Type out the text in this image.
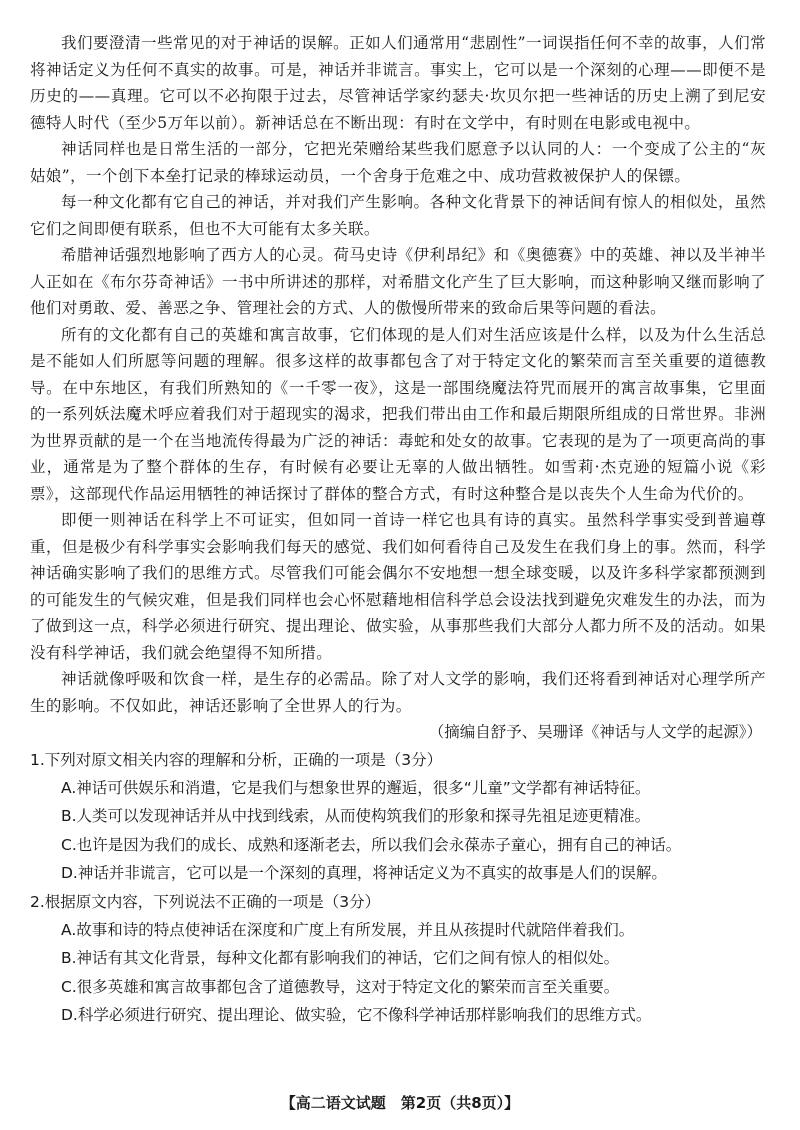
我们要澄清一些常见的对于神话的误解。正如人们通常用“悲剧性”一词误指任何不幸的故事，人们常将神话定义为任何不真实的故事。可是，神话并非谎言。事实上，它可以是一个深刻的心理——即便不是历史的——真理。它可以不必拘限于过去，尽管神话学家约瑟夫·坎贝尔把一些神话的历史上溯了到尼安德特人时代（至少5万年以前）。新神话总在不断出现：有时在文学中，有时则在电影或电视中。

神话同样也是日常生活的一部分，它把光荣赠给某些我们愿意予以认同的人：一个变成了公主的“灰姑娘”，一个创下本垒打记录的棒球运动员，一个舍身于危难之中、成功营救被保护人的保镖。

每一种文化都有它自己的神话，并对我们产生影响。各种文化背景下的神话间有惊人的相似处，虽然它们之间即便有联系，但也不大可能有太多关联。

希腊神话强烈地影响了西方人的心灵。荷马史诗《伊利昂纪》和《奥德赛》中的英雄、神以及半神半人正如在《布尔芬奇神话》一书中所讲述的那样，对希腊文化产生了巨大影响，而这种影响又继而影响了他们对勇敢、爱、善恶之争、管理社会的方式、人的傲慢所带来的致命后果等问题的看法。

所有的文化都有自己的英雄和寓言故事，它们体现的是人们对生活应该是什么样，以及为什么生活总是不能如人们所愿等问题的理解。很多这样的故事都包含了对于特定文化的繁荣而言至关重要的道德教导。在中东地区，有我们所熟知的《一千零一夜》，这是一部围绕魔法符咒而展开的寓言故事集，它里面的一系列妖法魔术呼应着我们对于超现实的渴求，把我们带出由工作和最后期限所组成的日常世界。非洲为世界贡献的是一个在当地流传得最为广泛的神话：毒蛇和处女的故事。它表现的是为了一项更高尚的事业，通常是为了整个群体的生存，有时候有必要让无辜的人做出牺牲。如雪莉·杰克逊的短篇小说《彩票》，这部现代作品运用牺牲的神话探讨了群体的整合方式，有时这种整合是以丧失个人生命为代价的。

即便一则神话在科学上不可证实，但如同一首诗一样它也具有诗的真实。虽然科学事实受到普遍尊重，但是极少有科学事实会影响我们每天的感觉、我们如何看待自己及发生在我们身上的事。然而，科学神话确实影响了我们的思维方式。尽管我们可能会偶尔不安地想一想全球变暖，以及许多科学家都预测到的可能发生的气候灾难，但是我们同样也会心怀慰藉地相信科学总会设法找到避免灾难发生的办法，而为了做到这一点，科学必须进行研究、提出理论、做实验，从事那些我们大部分人都力所不及的活动。如果没有科学神话，我们就会绝望得不知所措。

神话就像呼吸和饮食一样，是生存的必需品。除了对人文学的影响，我们还将看到神话对心理学所产生的影响。不仅如此，神话还影响了全世界人的行为。

（摘编自舒予、吴珊译《神话与人文学的起源》）
1.下列对原文相关内容的理解和分析，正确的一项是（3分）
A.神话可供娱乐和消遣，它是我们与想象世界的邂逅，很多“儿童”文学都有神话特征。
B.人类可以发现神话并从中找到线索，从而使构筑我们的形象和探寻先祖足迹更精准。
C.也许是因为我们的成长、成熟和逐渐老去，所以我们会永葆赤子童心，拥有自己的神话。
D.神话并非谎言，它可以是一个深刻的真理，将神话定义为不真实的故事是人们的误解。
2.根据原文内容，下列说法不正确的一项是（3分）
A.故事和诗的特点使神话在深度和广度上有所发展，并且从孩提时代就陪伴着我们。
B.神话有其文化背景，每种文化都有影响我们的神话，它们之间有惊人的相似处。
C.很多英雄和寓言故事都包含了道德教导，这对于特定文化的繁荣而言至关重要。
D.科学必须进行研究、提出理论、做实验，它不像科学神话那样影响我们的思维方式。
【高二语文试题　第2页（共8页）】
